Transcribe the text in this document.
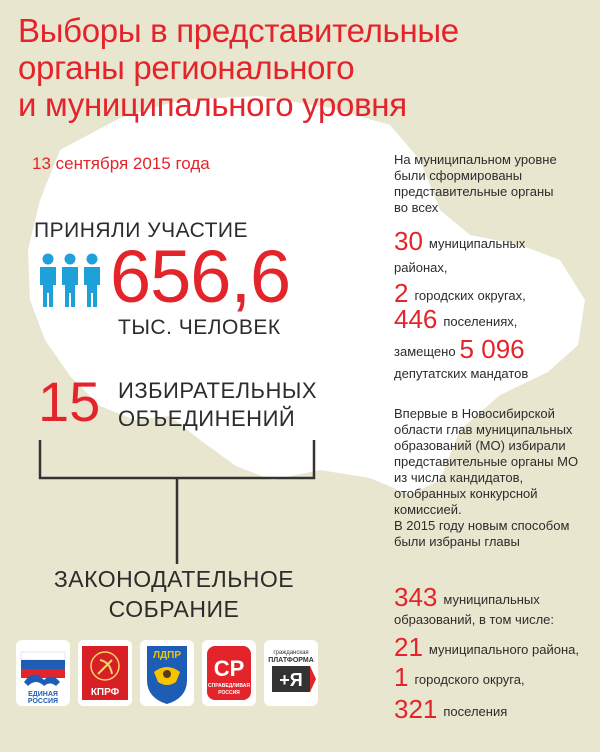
Выборы в представительные
органы регионального
и муниципального уровня
13 сентября 2015 года
ПРИНЯЛИ УЧАСТИЕ
656,6
ТЫС. ЧЕЛОВЕК
15 ИЗБИРАТЕЛЬНЫХ
ОБЪЕДИНЕНИЙ
ЗАКОНОДАТЕЛЬНОЕ
СОБРАНИЕ
ЕДИНАЯ
РОССИЯ
КПРФ
ЛДПР
СР
СПРАВЕДЛИВАЯ
РОССИЯ
гражданская
ПЛАТФОРМА
+Я
На муниципальном уровне
были сформированы
представительные органы
во всех
30 муниципальных
районах,
2 городских округах,
446 поселениях,
замещено 5 096
депутатских мандатов
Впервые в Новосибирской
области глав муниципальных
образований (МО) избирали
представительные органы МО
из числа кандидатов,
отобранных конкурсной
комиссией.
В 2015 году новым способом
были избраны главы
343 муниципальных
образований, в том числе:
21 муниципального района,
1 городского округа,
321 поселения
